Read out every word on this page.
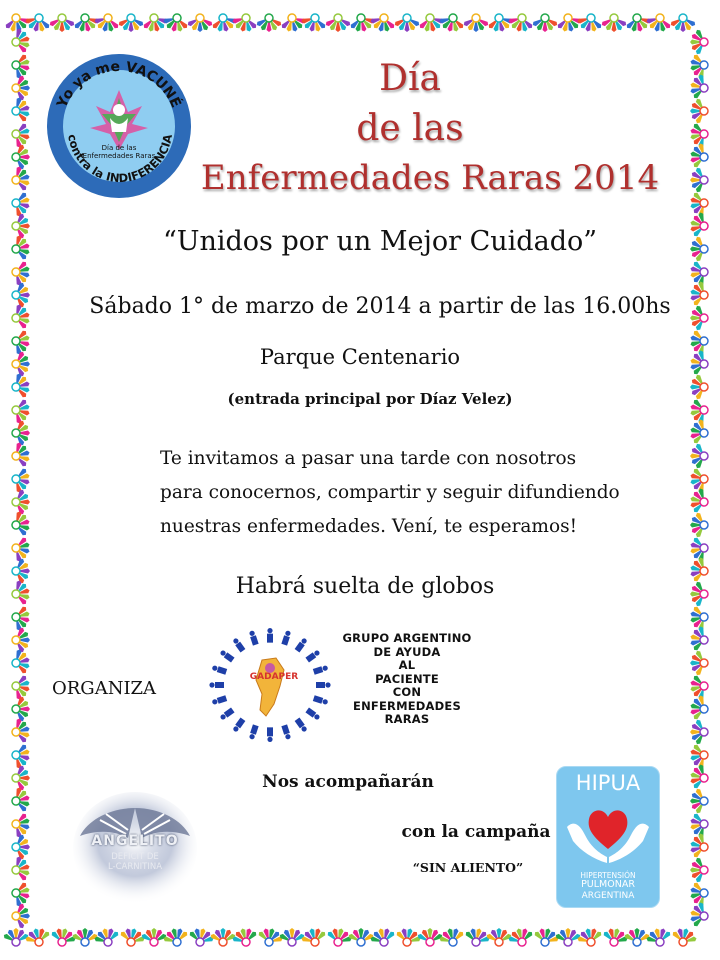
Yo ya me VACUNÉ
contra la INDIFERENCIA
Día de las
Enfermedades Raras
Día
de las
Enfermedades Raras 2014
“Unidos por un Mejor Cuidado”
Sábado 1° de marzo de 2014 a partir de las 16.00hs
Parque Centenario
(entrada principal por Díaz Velez)
Te invitamos a pasar una tarde con nosotros
para conocernos, compartir y seguir difundiendo
nuestras enfermedades. Vení, te esperamos!
Habrá suelta de globos
ORGANIZA
GADAPER
GRUPO ARGENTINO
DE AYUDA
AL
PACIENTE
CON
ENFERMEDADES
RARAS
Nos acompañarán
con la campaña
“SIN ALIENTO”
ANGELITO
DEFICIT DE
L-CARNITINA
HIPUA
HIPERTENSIÓN
PULMONAR
ARGENTINA
